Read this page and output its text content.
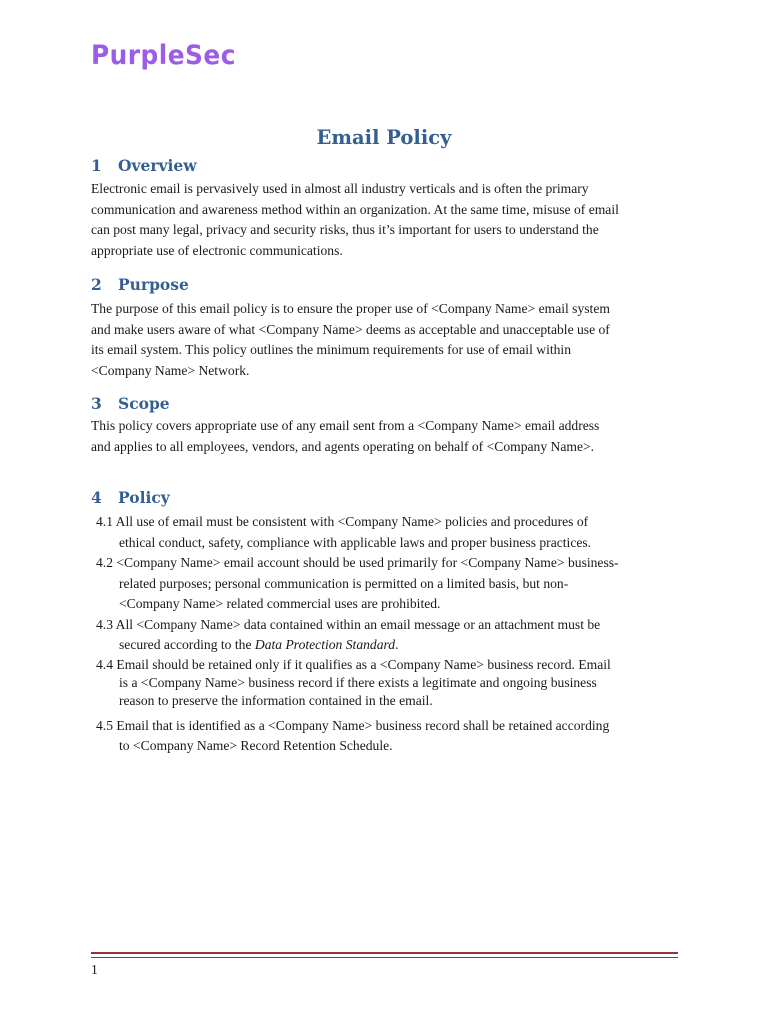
PurpleSec
Email Policy
1 Overview
Electronic email is pervasively used in almost all industry verticals and is often the primary
communication and awareness method within an organization. At the same time, misuse of email
can post many legal, privacy and security risks, thus it’s important for users to understand the
appropriate use of electronic communications.
2 Purpose
The purpose of this email policy is to ensure the proper use of <Company Name> email system
and make users aware of what <Company Name> deems as acceptable and unacceptable use of
its email system. This policy outlines the minimum requirements for use of email within
<Company Name> Network.
3 Scope
This policy covers appropriate use of any email sent from a <Company Name> email address
and applies to all employees, vendors, and agents operating on behalf of <Company Name>.
4 Policy
4.1 All use of email must be consistent with <Company Name> policies and procedures of
ethical conduct, safety, compliance with applicable laws and proper business practices.
4.2 <Company Name> email account should be used primarily for <Company Name> business-
related purposes; personal communication is permitted on a limited basis, but non-
<Company Name> related commercial uses are prohibited.
4.3 All <Company Name> data contained within an email message or an attachment must be
secured according to the Data Protection Standard.
4.4 Email should be retained only if it qualifies as a <Company Name> business record. Email
is a <Company Name> business record if there exists a legitimate and ongoing business
reason to preserve the information contained in the email.
4.5 Email that is identified as a <Company Name> business record shall be retained according
to <Company Name> Record Retention Schedule.
1
